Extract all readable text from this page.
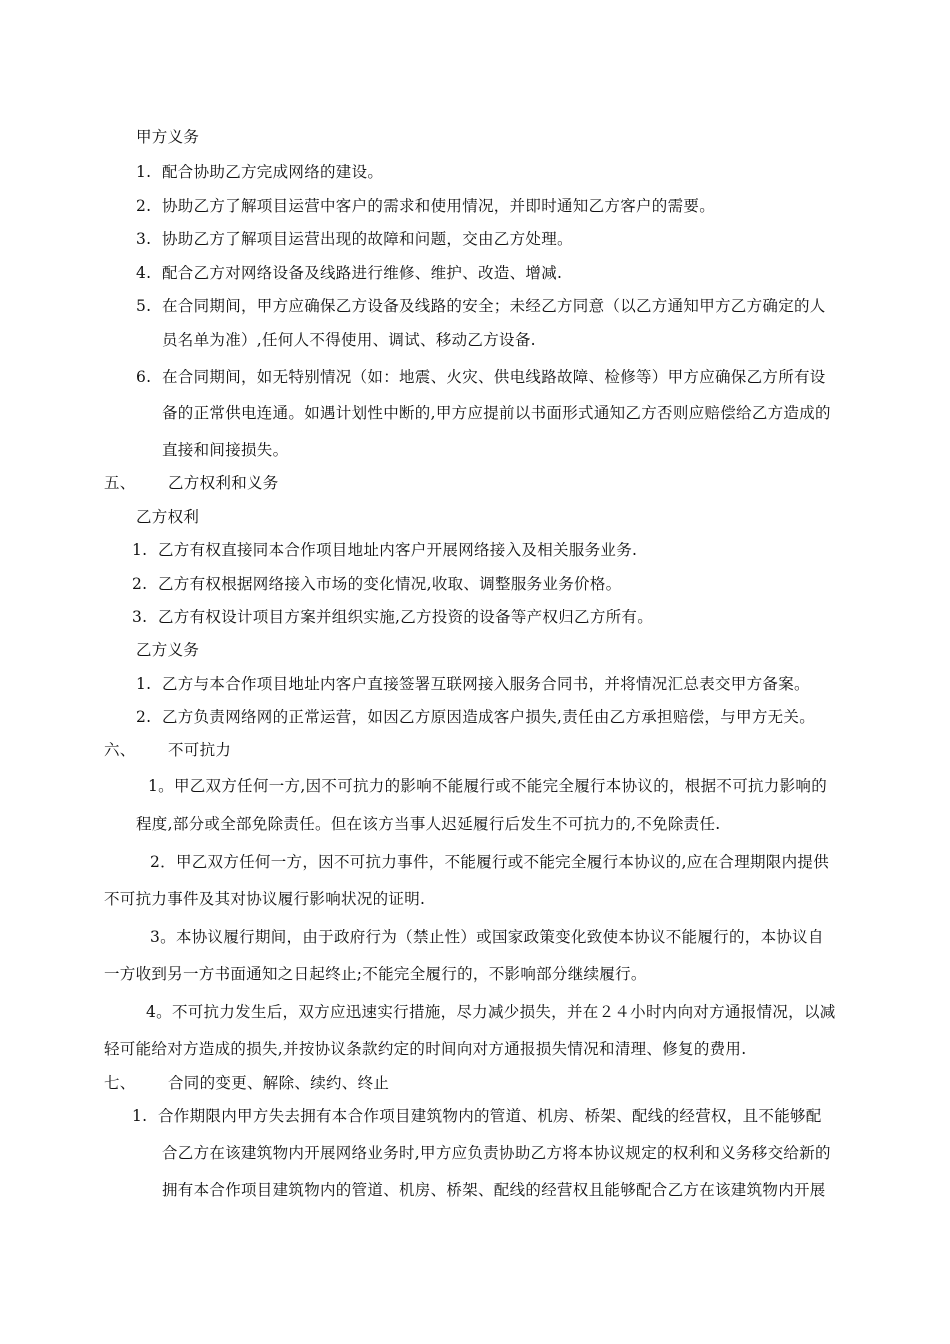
甲方义务
1. 配合协助乙方完成网络的建设。
2. 协助乙方了解项目运营中客户的需求和使用情况，并即时通知乙方客户的需要。
3. 协助乙方了解项目运营出现的故障和问题，交由乙方处理。
4. 配合乙方对网络设备及线路进行维修、维护、改造、增减.
5. 在合同期间，甲方应确保乙方设备及线路的安全；未经乙方同意（以乙方通知甲方乙方确定的人
员名单为准）,任何人不得使用、调试、移动乙方设备.
6. 在合同期间，如无特别情况（如：地震、火灾、供电线路故障、检修等）甲方应确保乙方所有设
备的正常供电连通。如遇计划性中断的,甲方应提前以书面形式通知乙方否则应赔偿给乙方造成的
直接和间接损失。
五、 乙方权利和义务
乙方权利
1. 乙方有权直接同本合作项目地址内客户开展网络接入及相关服务业务.
2. 乙方有权根据网络接入市场的变化情况,收取、调整服务业务价格。
3. 乙方有权设计项目方案并组织实施,乙方投资的设备等产权归乙方所有。
乙方义务
1. 乙方与本合作项目地址内客户直接签署互联网接入服务合同书，并将情况汇总表交甲方备案。
2. 乙方负责网络网的正常运营，如因乙方原因造成客户损失,责任由乙方承担赔偿，与甲方无关。
六、 不可抗力
1。甲乙双方任何一方,因不可抗力的影响不能履行或不能完全履行本协议的，根据不可抗力影响的
程度,部分或全部免除责任。但在该方当事人迟延履行后发生不可抗力的,不免除责任.
2．甲乙双方任何一方，因不可抗力事件，不能履行或不能完全履行本协议的,应在合理期限内提供
不可抗力事件及其对协议履行影响状况的证明.
3。本协议履行期间，由于政府行为（禁止性）或国家政策变化致使本协议不能履行的，本协议自
一方收到另一方书面通知之日起终止;不能完全履行的，不影响部分继续履行。
4。不可抗力发生后，双方应迅速实行措施，尽力减少损失，并在２４小时内向对方通报情况，以减
轻可能给对方造成的损失,并按协议条款约定的时间向对方通报损失情况和清理、修复的费用.
七、 合同的变更、解除、续约、终止
1. 合作期限内甲方失去拥有本合作项目建筑物内的管道、机房、桥架、配线的经营权，且不能够配
合乙方在该建筑物内开展网络业务时,甲方应负责协助乙方将本协议规定的权利和义务移交给新的
拥有本合作项目建筑物内的管道、机房、桥架、配线的经营权且能够配合乙方在该建筑物内开展
